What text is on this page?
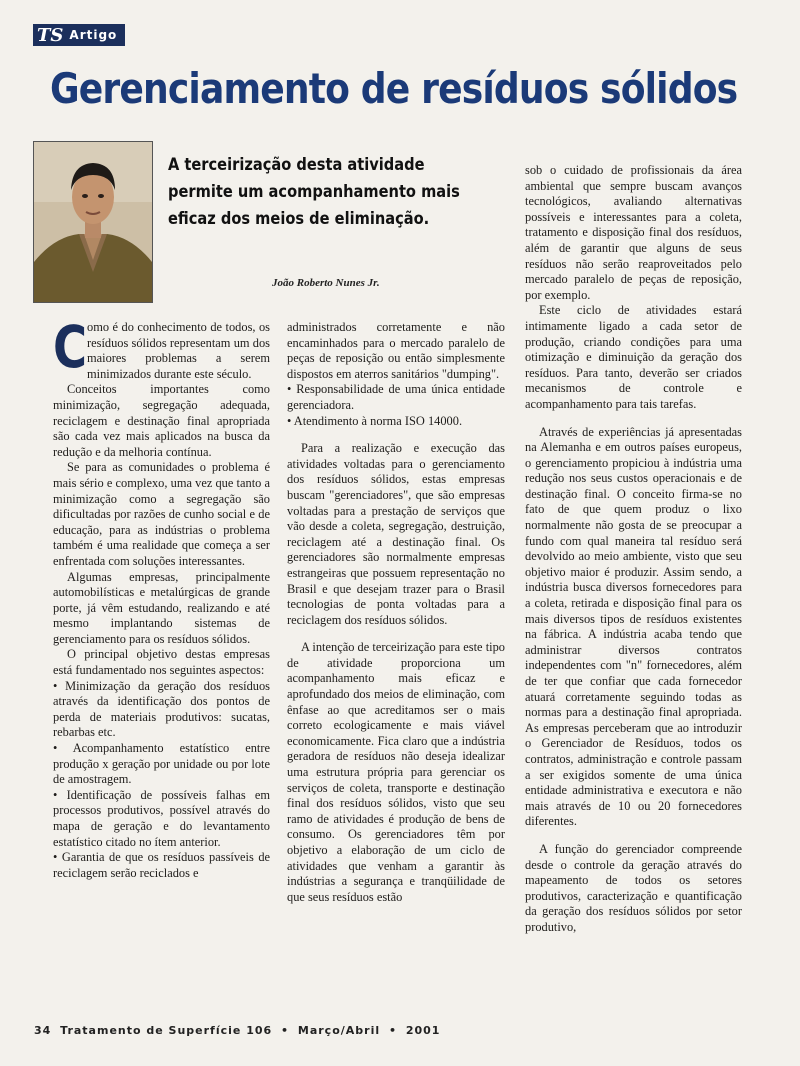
TS Artigo
Gerenciamento de resíduos sólidos

A terceirização desta atividade permite um acompanhamento mais eficaz dos meios de eliminação.

João Roberto Nunes Jr.

Como é do conhecimento de todos, os resíduos sólidos representam um dos maiores problemas a serem minimizados durante este século.

Conceitos importantes como minimização, segregação adequada, reciclagem e destinação final apropriada são cada vez mais aplicados na busca da redução e da melhoria contínua.

Se para as comunidades o problema é mais sério e complexo, uma vez que tanto a minimização como a segregação são dificultadas por razões de cunho social e de educação, para as indústrias o problema também é uma realidade que começa a ser enfrentada com soluções interessantes.

Algumas empresas, principalmente automobilísticas e metalúrgicas de grande porte, já vêm estudando, realizando e até mesmo implantando sistemas de gerenciamento para os resíduos sólidos.

O principal objetivo destas empresas está fundamentado nos seguintes aspectos:

• Minimização da geração dos resíduos através da identificação dos pontos de perda de materiais produtivos: sucatas, rebarbas etc.
• Acompanhamento estatístico entre produção x geração por unidade ou por lote de amostragem.
• Identificação de possíveis falhas em processos produtivos, possível através do mapa de geração e do levantamento estatístico citado no ítem anterior.
• Garantia de que os resíduos passíveis de reciclagem serão reciclados e

administrados corretamente e não encaminhados para o mercado paralelo de peças de reposição ou então simplesmente dispostos em aterros sanitários "dumping".

• Responsabilidade de uma única entidade gerenciadora.
• Atendimento à norma ISO 14000.

Para a realização e execução das atividades voltadas para o gerenciamento dos resíduos sólidos, estas empresas buscam "gerenciadores", que são empresas voltadas para a prestação de serviços que vão desde a coleta, segregação, destruição, reciclagem até a destinação final. Os gerenciadores são normalmente empresas estrangeiras que possuem representação no Brasil e que desejam trazer para o Brasil tecnologias de ponta voltadas para a reciclagem dos resíduos sólidos.

A intenção de terceirização para este tipo de atividade proporciona um acompanhamento mais eficaz e aprofundado dos meios de eliminação, com ênfase ao que acreditamos ser o mais correto ecologicamente e mais viável economicamente. Fica claro que a indústria geradora de resíduos não deseja idealizar uma estrutura própria para gerenciar os serviços de coleta, transporte e destinação final dos resíduos sólidos, visto que seu ramo de atividades é produção de bens de consumo. Os gerenciadores têm por objetivo a elaboração de um ciclo de atividades que venham a garantir às indústrias a segurança e tranqüilidade de que seus resíduos estão

sob o cuidado de profissionais da área ambiental que sempre buscam avanços tecnológicos, avaliando alternativas possíveis e interessantes para a coleta, tratamento e disposição final dos resíduos, além de garantir que alguns de seus resíduos não serão reaproveitados pelo mercado paralelo de peças de reposição, por exemplo.

Este ciclo de atividades estará intimamente ligado a cada setor de produção, criando condições para uma otimização e diminuição da geração dos resíduos. Para tanto, deverão ser criados mecanismos de controle e acompanhamento para tais tarefas.

Através de experiências já apresentadas na Alemanha e em outros países europeus, o gerenciamento propiciou à indústria uma redução nos seus custos operacionais e de destinação final. O conceito firma-se no fato de que quem produz o lixo normalmente não gosta de se preocupar a fundo com qual maneira tal resíduo será devolvido ao meio ambiente, visto que seu objetivo maior é produzir. Assim sendo, a indústria busca diversos fornecedores para a coleta, retirada e disposição final para os mais diversos tipos de resíduos existentes na fábrica. A indústria acaba tendo que administrar diversos contratos independentes com "n" fornecedores, além de ter que confiar que cada fornecedor atuará corretamente seguindo todas as normas para a destinação final apropriada. As empresas perceberam que ao introduzir o Gerenciador de Resíduos, todos os contratos, administração e controle passam a ser exigidos somente de uma única entidade administrativa e executora e não mais através de 10 ou 20 fornecedores diferentes.

A função do gerenciador compreende desde o controle da geração através do mapeamento de todos os setores produtivos, caracterização e quantificação da geração dos resíduos sólidos por setor produtivo,

34 Tratamento de Superfície 106 • Março/Abril • 2001
